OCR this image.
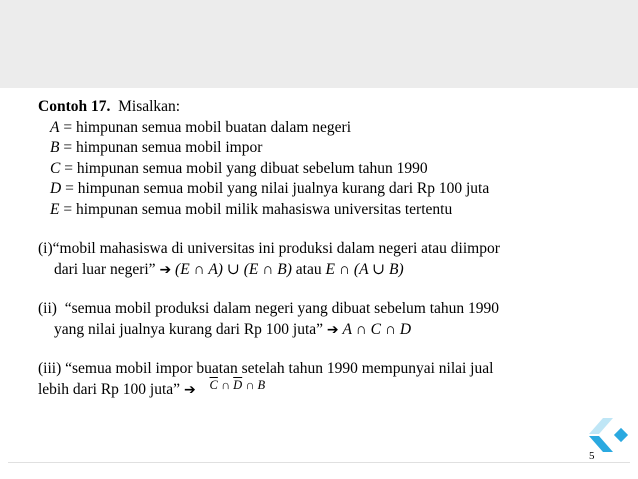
Contoh 17. Misalkan:
A = himpunan semua mobil buatan dalam negeri
B = himpunan semua mobil impor
C = himpunan semua mobil yang dibuat sebelum tahun 1990
D = himpunan semua mobil yang nilai jualnya kurang dari Rp 100 juta
E = himpunan semua mobil milik mahasiswa universitas tertentu
(i)“mobil mahasiswa di universitas ini produksi dalam negeri atau diimpor
dari luar negeri” ➔ (E ∩ A) ∪ (E ∩ B) atau E ∩ (A ∪ B)
(ii) “semua mobil produksi dalam negeri yang dibuat sebelum tahun 1990
yang nilai jualnya kurang dari Rp 100 juta” ➔ A ∩ C ∩ D
(iii) “semua mobil impor buatan setelah tahun 1990 mempunyai nilai jual
lebih dari Rp 100 juta” ➔ $^{\overline{C} \cap \overline{D} \cap B}$
5
